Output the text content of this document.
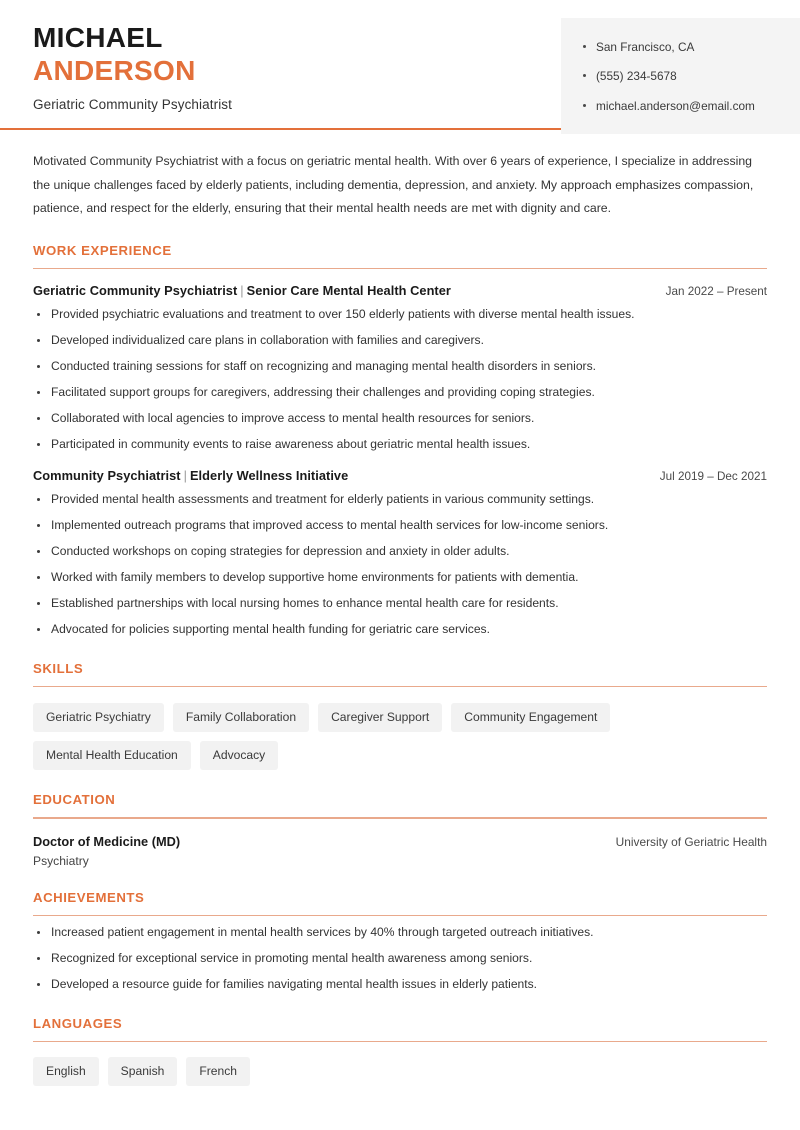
MICHAEL
ANDERSON
Geriatric Community Psychiatrist
San Francisco, CA
(555) 234-5678
michael.anderson@email.com
Motivated Community Psychiatrist with a focus on geriatric mental health. With over 6 years of experience, I specialize in addressing the unique challenges faced by elderly patients, including dementia, depression, and anxiety. My approach emphasizes compassion, patience, and respect for the elderly, ensuring that their mental health needs are met with dignity and care.
WORK EXPERIENCE
Geriatric Community Psychiatrist | Senior Care Mental Health Center	Jan 2022 – Present
Provided psychiatric evaluations and treatment to over 150 elderly patients with diverse mental health issues.
Developed individualized care plans in collaboration with families and caregivers.
Conducted training sessions for staff on recognizing and managing mental health disorders in seniors.
Facilitated support groups for caregivers, addressing their challenges and providing coping strategies.
Collaborated with local agencies to improve access to mental health resources for seniors.
Participated in community events to raise awareness about geriatric mental health issues.
Community Psychiatrist | Elderly Wellness Initiative	Jul 2019 – Dec 2021
Provided mental health assessments and treatment for elderly patients in various community settings.
Implemented outreach programs that improved access to mental health services for low-income seniors.
Conducted workshops on coping strategies for depression and anxiety in older adults.
Worked with family members to develop supportive home environments for patients with dementia.
Established partnerships with local nursing homes to enhance mental health care for residents.
Advocated for policies supporting mental health funding for geriatric care services.
SKILLS
Geriatric Psychiatry	Family Collaboration	Caregiver Support	Community Engagement
Mental Health Education	Advocacy
EDUCATION
Doctor of Medicine (MD)	University of Geriatric Health
Psychiatry
ACHIEVEMENTS
Increased patient engagement in mental health services by 40% through targeted outreach initiatives.
Recognized for exceptional service in promoting mental health awareness among seniors.
Developed a resource guide for families navigating mental health issues in elderly patients.
LANGUAGES
English	Spanish	French
